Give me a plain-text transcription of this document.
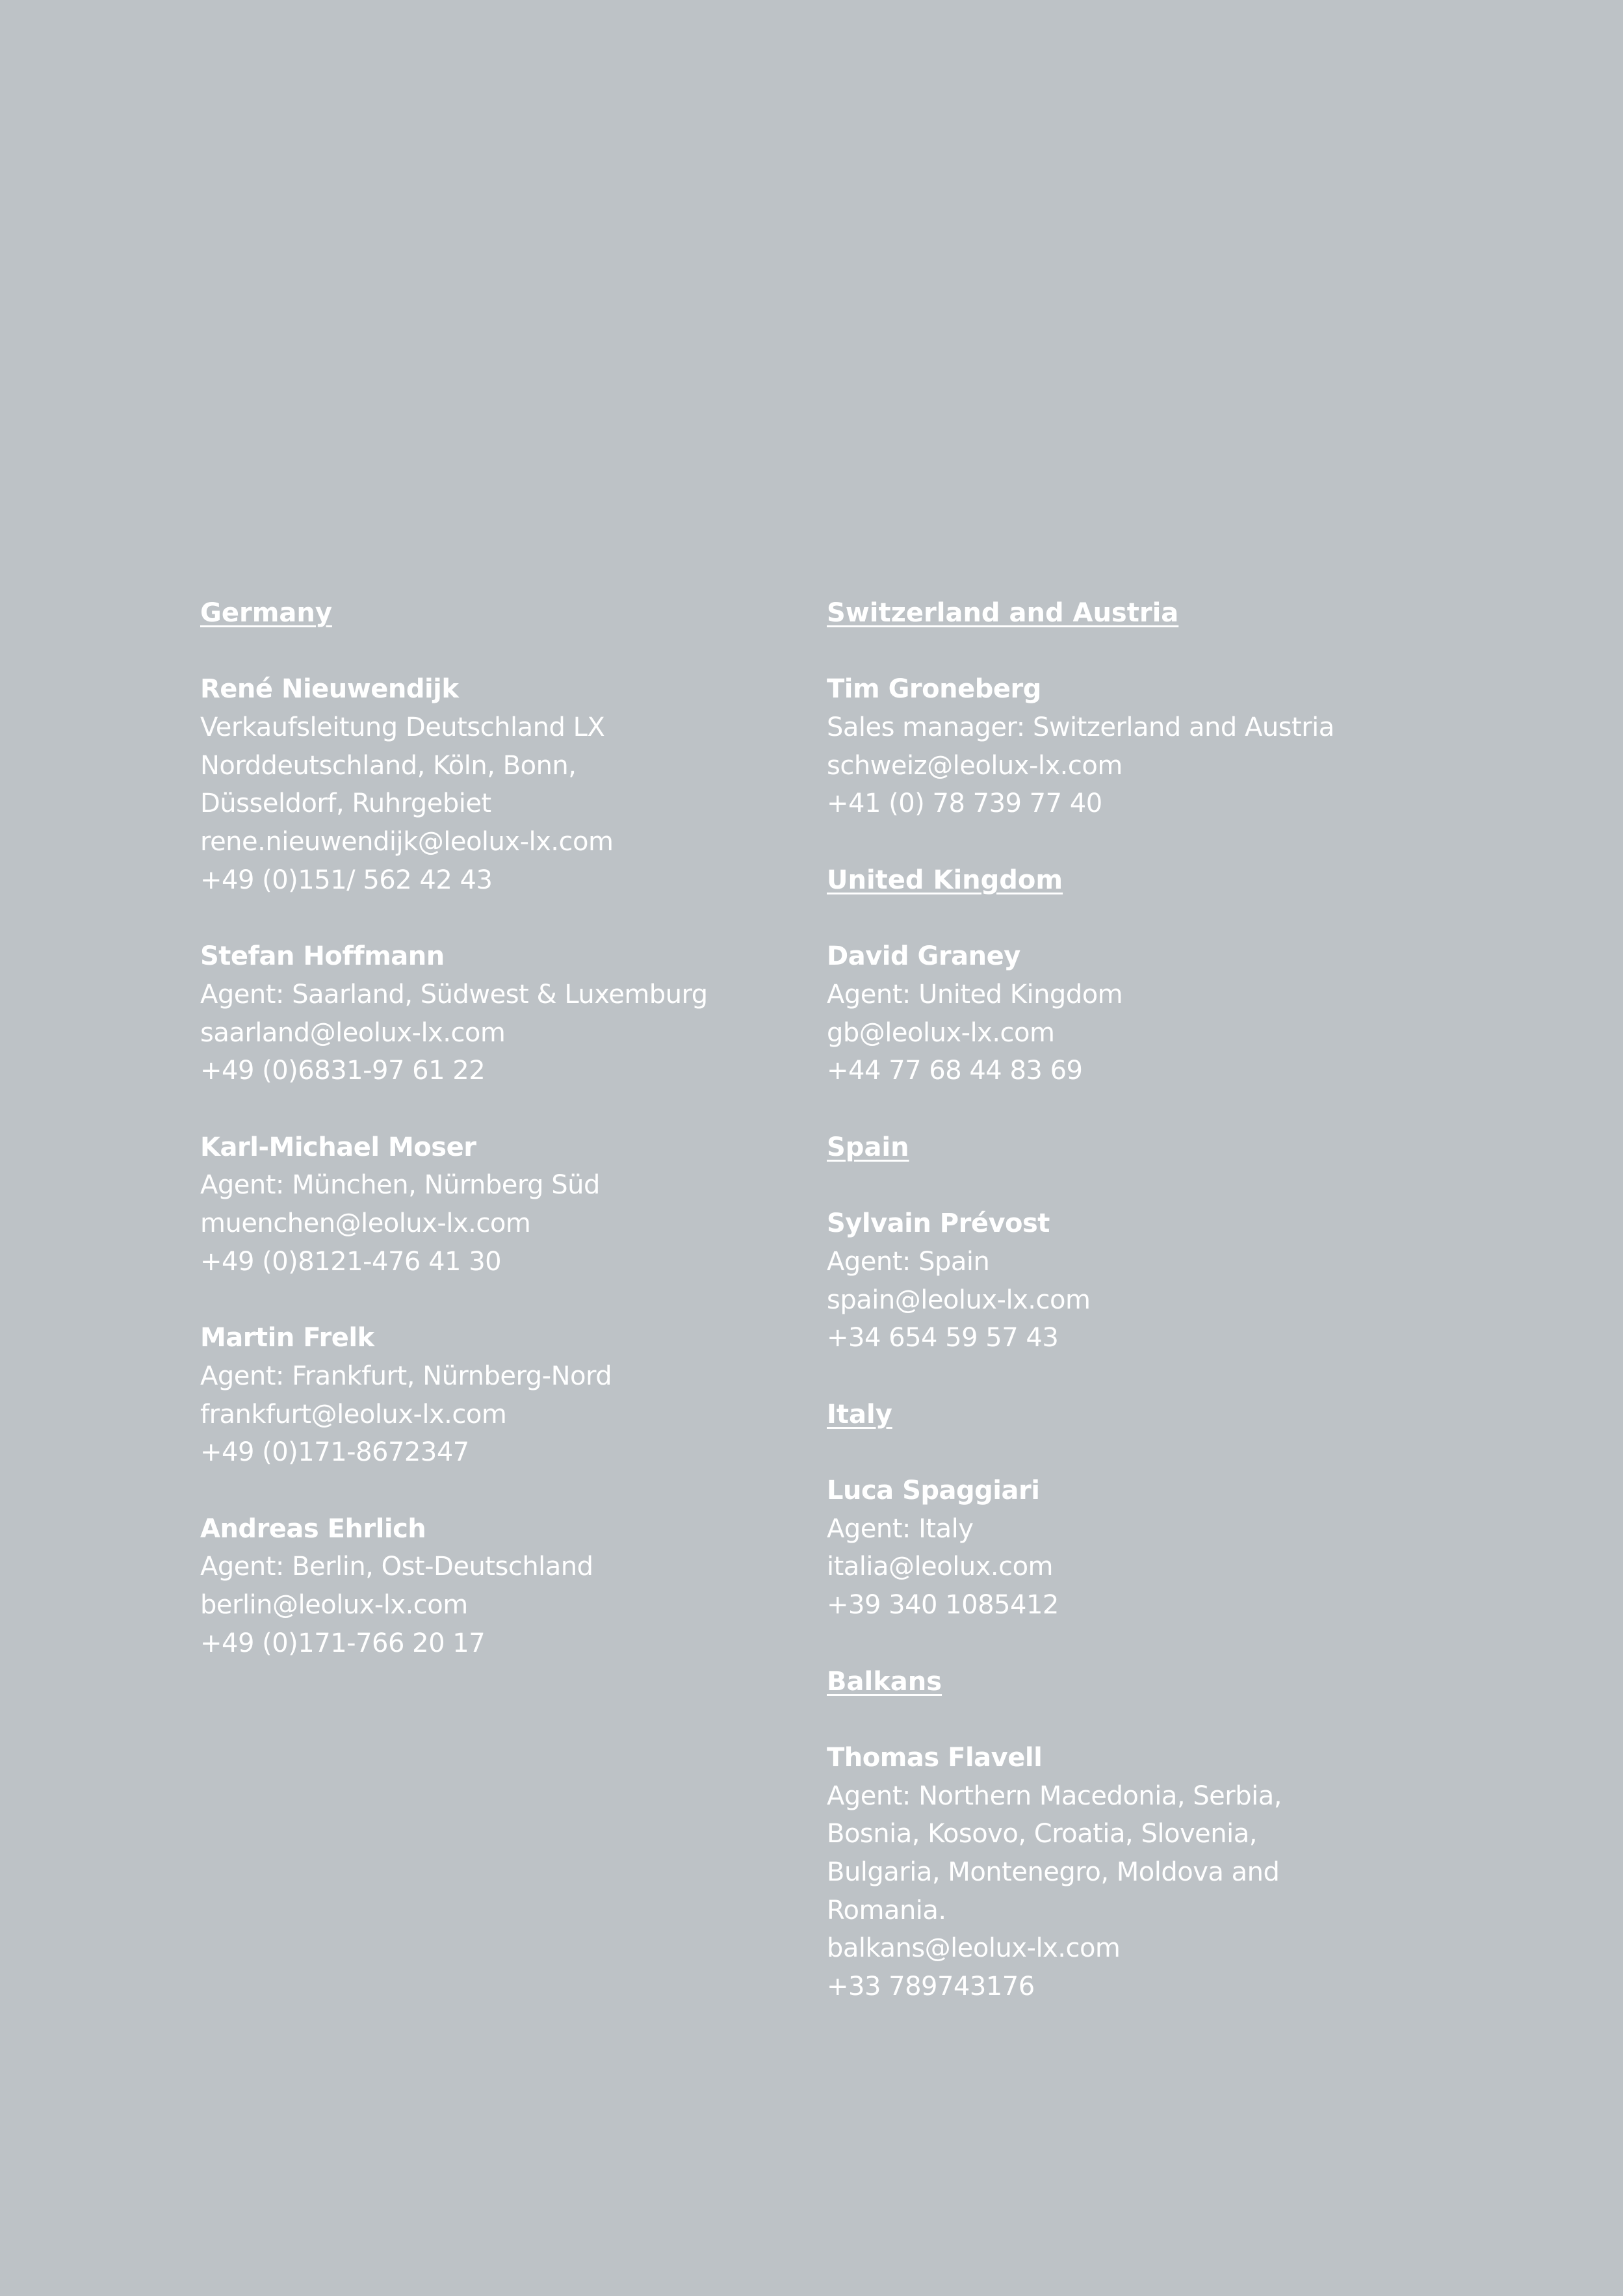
Germany
René Nieuwendijk
Verkaufsleitung Deutschland LX
Norddeutschland, Köln, Bonn,
Düsseldorf, Ruhrgebiet
rene.nieuwendijk@leolux-lx.com
+49 (0)151/ 562 42 43
Stefan Hoffmann
Agent: Saarland, Südwest & Luxemburg
saarland@leolux-lx.com
+49 (0)6831-97 61 22
Karl-Michael Moser
Agent: München, Nürnberg Süd
muenchen@leolux-lx.com
+49 (0)8121-476 41 30
Martin Frelk
Agent: Frankfurt, Nürnberg-Nord
frankfurt@leolux-lx.com
+49 (0)171-8672347
Andreas Ehrlich
Agent: Berlin, Ost-Deutschland
berlin@leolux-lx.com
+49 (0)171-766 20 17
Switzerland and Austria
Tim Groneberg
Sales manager: Switzerland and Austria
schweiz@leolux-lx.com
+41 (0) 78 739 77 40
United Kingdom
David Graney
Agent: United Kingdom
gb@leolux-lx.com
+44 77 68 44 83 69
Spain
Sylvain Prévost
Agent: Spain
spain@leolux-lx.com
+34 654 59 57 43
Italy
Luca Spaggiari
Agent: Italy
italia@leolux.com
+39 340 1085412
Balkans
Thomas Flavell
Agent: Northern Macedonia, Serbia,
Bosnia, Kosovo, Croatia, Slovenia,
Bulgaria, Montenegro, Moldova and
Romania.
balkans@leolux-lx.com
+33 789743176
